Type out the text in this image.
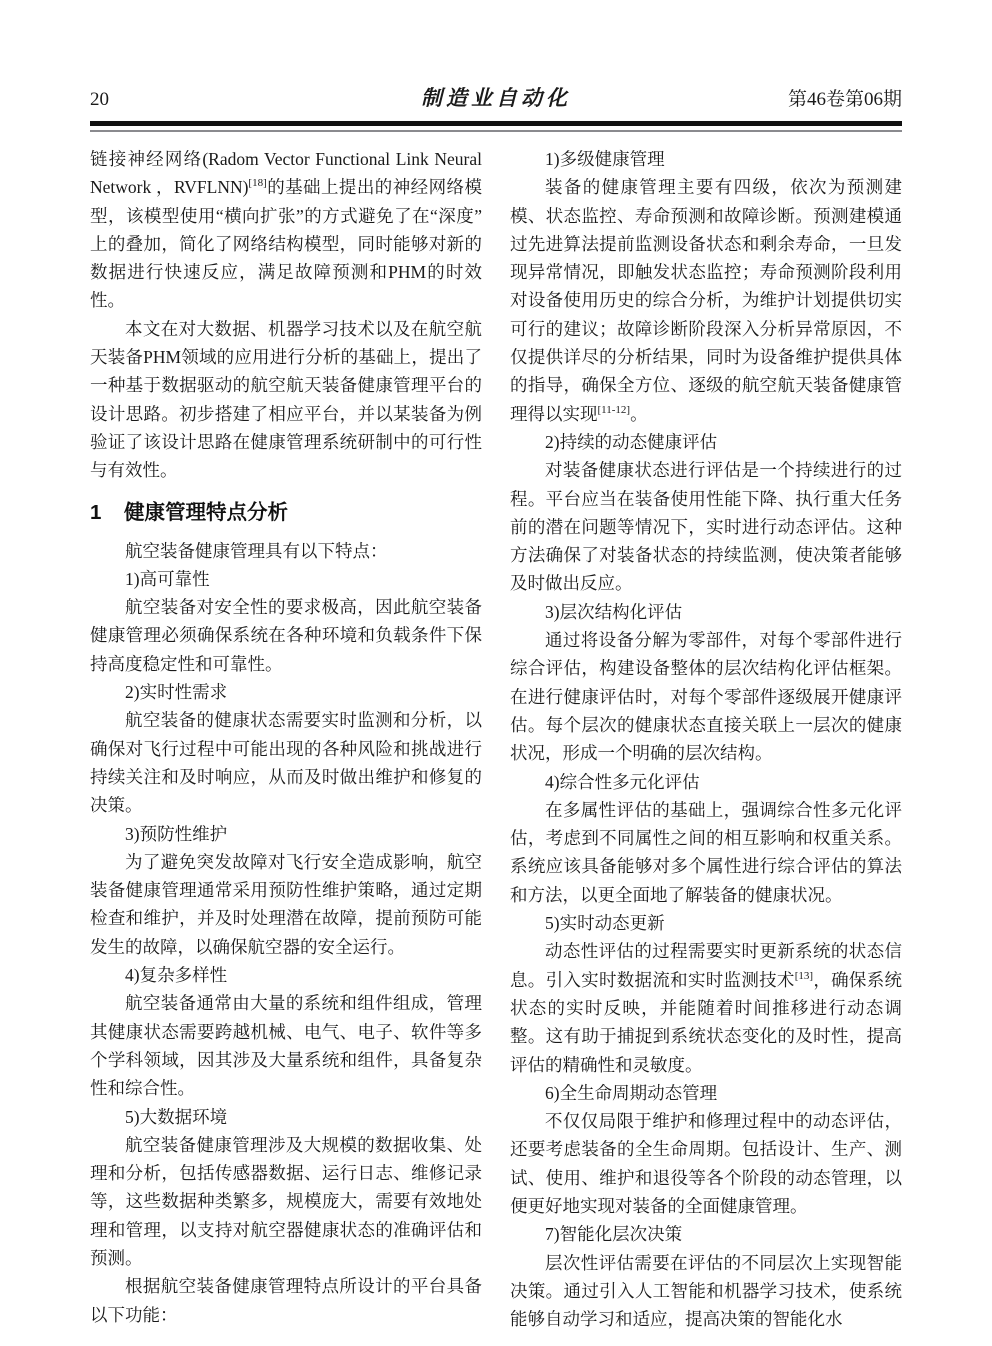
20	制造业自动化	第46卷第06期

链接神经网络(Radom Vector Functional Link Neural Network ，RVFLNN)[18]的基础上提出的神经网络模型，该模型使用“横向扩张”的方式避免了在“深度”上的叠加，简化了网络结构模型，同时能够对新的数据进行快速反应，满足故障预测和PHM的时效性。

本文在对大数据、机器学习技术以及在航空航天装备PHM领域的应用进行分析的基础上，提出了一种基于数据驱动的航空航天装备健康管理平台的设计思路。初步搭建了相应平台，并以某装备为例验证了该设计思路在健康管理系统研制中的可行性与有效性。

1 健康管理特点分析

航空装备健康管理具有以下特点：

1)高可靠性

航空装备对安全性的要求极高，因此航空装备健康管理必须确保系统在各种环境和负载条件下保持高度稳定性和可靠性。

2)实时性需求

航空装备的健康状态需要实时监测和分析，以确保对飞行过程中可能出现的各种风险和挑战进行持续关注和及时响应，从而及时做出维护和修复的决策。

3)预防性维护

为了避免突发故障对飞行安全造成影响，航空装备健康管理通常采用预防性维护策略，通过定期检查和维护，并及时处理潜在故障，提前预防可能发生的故障，以确保航空器的安全运行。

4)复杂多样性

航空装备通常由大量的系统和组件组成，管理其健康状态需要跨越机械、电气、电子、软件等多个学科领域，因其涉及大量系统和组件，具备复杂性和综合性。

5)大数据环境

航空装备健康管理涉及大规模的数据收集、处理和分析，包括传感器数据、运行日志、维修记录等，这些数据种类繁多，规模庞大，需要有效地处理和管理，以支持对航空器健康状态的准确评估和预测。

根据航空装备健康管理特点所设计的平台具备以下功能：

1)多级健康管理

装备的健康管理主要有四级，依次为预测建模、状态监控、寿命预测和故障诊断。预测建模通过先进算法提前监测设备状态和剩余寿命，一旦发现异常情况，即触发状态监控；寿命预测阶段利用对设备使用历史的综合分析，为维护计划提供切实可行的建议；故障诊断阶段深入分析异常原因，不仅提供详尽的分析结果，同时为设备维护提供具体的指导，确保全方位、逐级的航空航天装备健康管理得以实现[11-12]。

2)持续的动态健康评估

对装备健康状态进行评估是一个持续进行的过程。平台应当在装备使用性能下降、执行重大任务前的潜在问题等情况下，实时进行动态评估。这种方法确保了对装备状态的持续监测，使决策者能够及时做出反应。

3)层次结构化评估

通过将设备分解为零部件，对每个零部件进行综合评估，构建设备整体的层次结构化评估框架。在进行健康评估时，对每个零部件逐级展开健康评估。每个层次的健康状态直接关联上一层次的健康状况，形成一个明确的层次结构。

4)综合性多元化评估

在多属性评估的基础上，强调综合性多元化评估，考虑到不同属性之间的相互影响和权重关系。系统应该具备能够对多个属性进行综合评估的算法和方法，以更全面地了解装备的健康状况。

5)实时动态更新

动态性评估的过程需要实时更新系统的状态信息。引入实时数据流和实时监测技术[13]，确保系统状态的实时反映，并能随着时间推移进行动态调整。这有助于捕捉到系统状态变化的及时性，提高评估的精确性和灵敏度。

6)全生命周期动态管理

不仅仅局限于维护和修理过程中的动态评估，还要考虑装备的全生命周期。包括设计、生产、测试、使用、维护和退役等各个阶段的动态管理，以便更好地实现对装备的全面健康管理。

7)智能化层次决策

层次性评估需要在评估的不同层次上实现智能决策。通过引入人工智能和机器学习技术，使系统能够自动学习和适应，提高决策的智能化水
